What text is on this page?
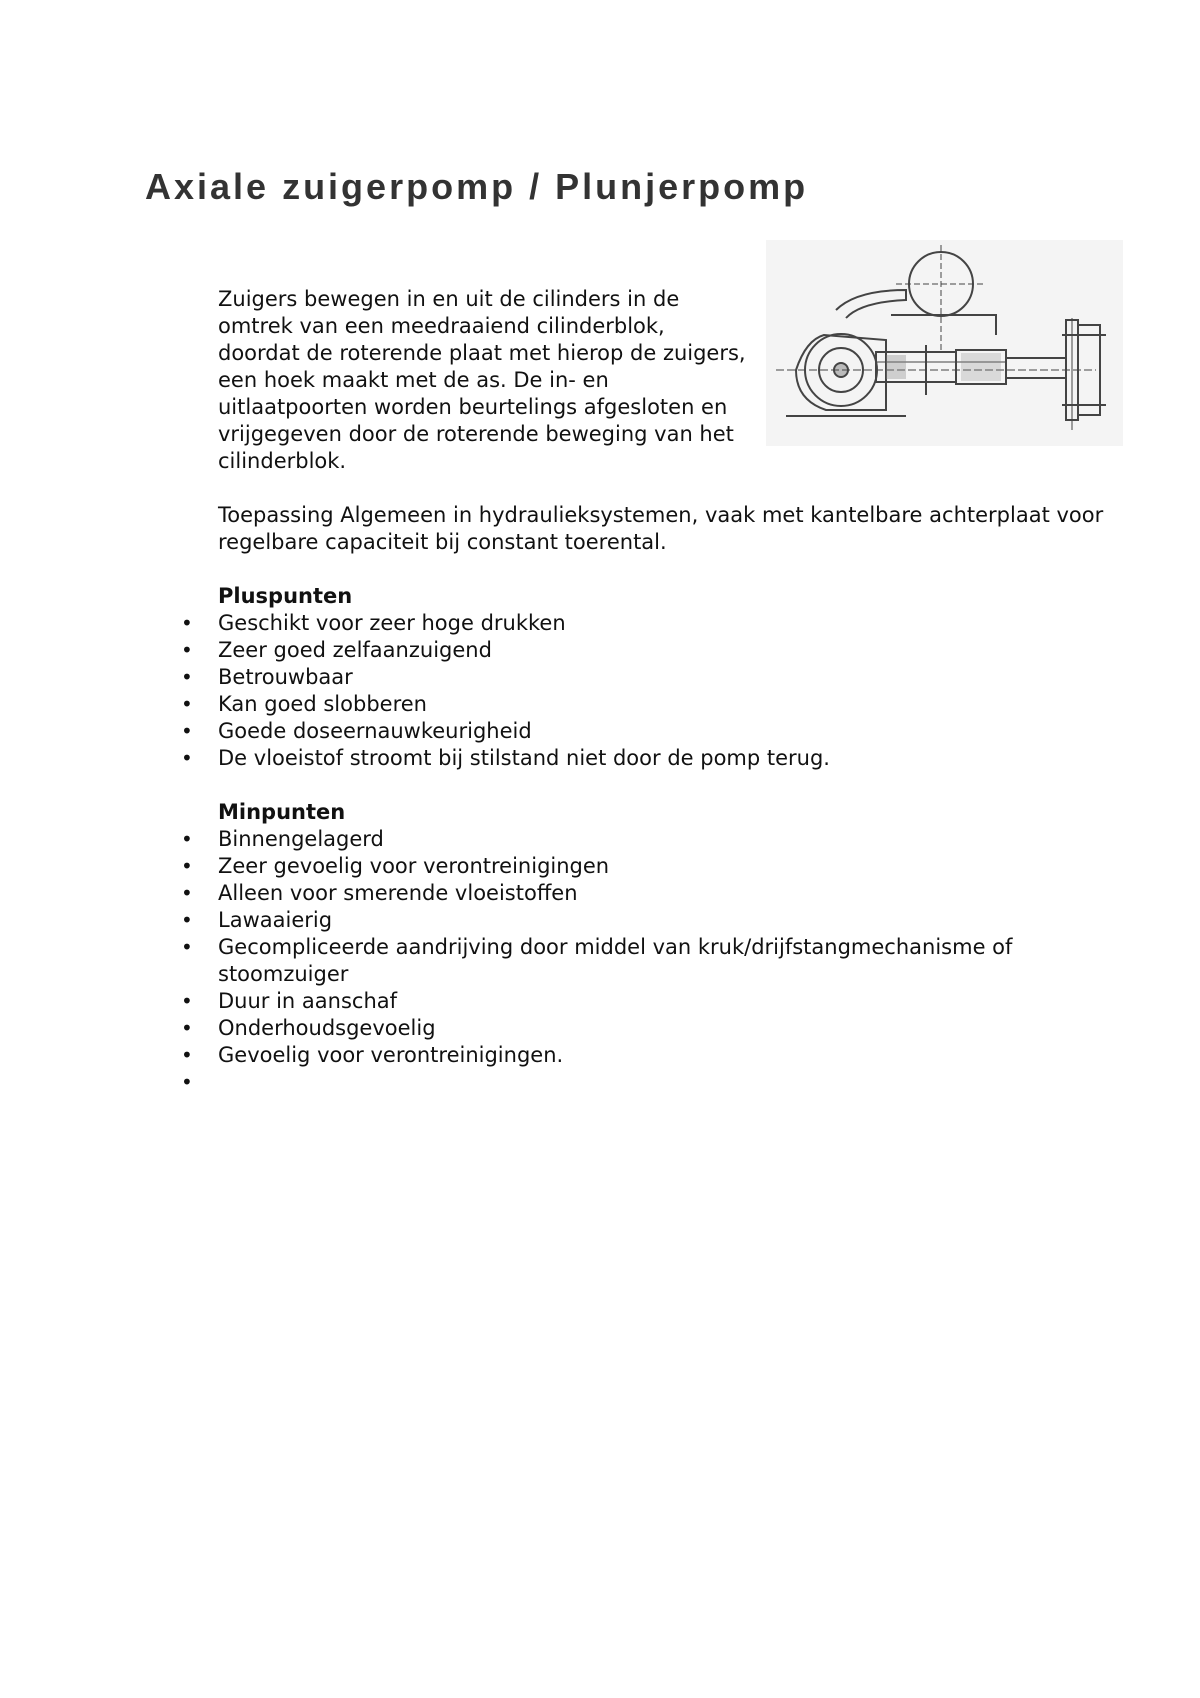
Axiale zuigerpomp / Plunjerpomp

Zuigers bewegen in en uit de cilinders in de omtrek van een meedraaiend cilinderblok, doordat de roterende plaat met hierop de zuigers, een hoek maakt met de as. De in- en uitlaatpoorten worden beurtelings afgesloten en vrijgegeven door de roterende beweging van het cilinderblok.

Toepassing Algemeen in hydraulieksystemen, vaak met kantelbare achterplaat voor regelbare capaciteit bij constant toerental.

Pluspunten
• Geschikt voor zeer hoge drukken
• Zeer goed zelfaanzuigend
• Betrouwbaar
• Kan goed slobberen
• Goede doseernauwkeurigheid
• De vloeistof stroomt bij stilstand niet door de pomp terug.
Minpunten
• Binnengelagerd
• Zeer gevoelig voor verontreinigingen
• Alleen voor smerende vloeistoffen
• Lawaaierig
• Gecompliceerde aandrijving door middel van kruk/drijfstangmechanisme of stoomzuiger
• Duur in aanschaf
• Onderhoudsgevoelig
• Gevoelig voor verontreinigingen.
•
